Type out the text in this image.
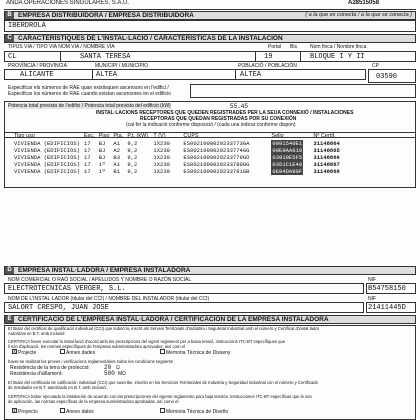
ANDA OPERACIONES SINGULARES, S.A.U.	A28515058
B EMPRESA DISTRIBUIDORA / EMPRESA DISTRIBUIDORA	( a la que es conecta / a la que se conecta )
IBERDROLA
C CARACTERÍSTIQUES DE L'INSTAL·LACIÓ / CARACTERÍSTICAS DE LA INSTALACIÓN
TIPUS VIA / TIPO VIA NOM VIA / NOMBRE VÍA	Portal Bis	Nom finca / Nombre finca
CL	SANTA TERESA	19	BLOQUE I Y II
PROVÍNCIA / PROVINCIA	MUNICIPI / MUNICIPIO	POBLACIÓ / POBLACIÓN	CP
ALICANTE	ALTEA	ALTEA	03590
Especificar els números de RAE quan existisquen ascensors en l'edifici /
Especificar los números de RAE cuando existan ascensores en el edificio
Potencia total prevista de l'edifici / Potencia total prevista del edificio (kW)	55.45
INSTAL·LACIONS RECEPTORES QUE QUEDEN REGISTRADES PER LA SEUA CONNEXIÓ / INSTALACIONES
RECEPTORAS QUE QUEDAN REGISTRADAS POR SU CONEXIÓN
(cal fer la indicació conforme disposició / (cada una indicar conforme dispon)
Tipo uso	Esc.	Piso	Pta.	P.t. (kW)	T (V)	CUPS	Sello	Nº Certif.
VIVIENDA (EDIFICIOS)	17	BJ	A1	9,2	1X230	ES0021000020233773GA	0091540E1	31148864
VIVIENDA (EDIFICIOS)	17	BJ	A2	9,2	1X230	ES0021000020233774GG	00E9AA610	31148865
VIVIENDA (EDIFICIOS)	17	BJ	B3	9,2	1X230	ES0021000020233779GD	03910E5F5	31148866
VIVIENDA (EDIFICIOS)	17	1º	A1	9,2	1X230	ES0021000020233780GG	0351C1E40	31148867
VIVIENDA (EDIFICIOS)	17	1º	B1	9,2	1X230	ES0021000020233781GB	0E84DA80F	31148868
D EMPRESA INSTAL·LADORA / EMPRESA INSTALADORA
NOM COMERCIAL O RAÓ SOCIAL / APELLIDOS Y NOMBRE O RAZÓN SOCIAL	NIF
ELECTROTECNICAS VERGER, S.L.	B54758150
NOM DE L'INSTAL·LADOR (titular del CCI) / NOMBRE DEL INSTALADOR (titular del CCI)	NIF
SALORT CRESPO, JUAN JOSE	21411445D
E	CERTIFICACIÓ DE L'EMPRESA INSTAL·LADORA / CERTIFICACIÓN DE LA EMPRESA INSTALADORA
El titular del certificat de qualificació individual (CCI) que subscriu, inscrit als Serveis Territorials d'Indústria i Seguretat Industrial amb el número y Certificat d'instal·lador
Autoritzat en B.T. amb inclusió:
CERTIFICA haver executat la instal·lació d'acord amb les prescripcions del vigent reglament per a baixa tensió, instruccions ITC-BT específiques que
li són d'aplicació, les normes específiques de l'empresa subministradora aprovades, així com el
x Projecte	Annex dades	Memoria Tècnica de Disseny
haver-se realitzat les proves i verificacions reglamentàries sobre les condicions següents
Resistència de la terra de protecció: 20 Ω
Resistència d'aïllament:	500 MΩ
El titular del certificado de calificación individual (CCI) que suscribe, inscrito en los Servicios Territoriales de Industria y Seguridad Industrial con el número y Certificado
de Instalador en B.T. autorizado en B.T. amb inclusió:
CERTIFICA haber ejecutado la instalación de acuerdo con las prescripciones del vigente reglamento para baja tensión, instrucciones ITC-BT específicas que le son
de aplicación, las normas específicas de la empresa suministradora aprobadas, así como el
x Proyecto	Anexo datos	Memoria Técnica de Diseño
